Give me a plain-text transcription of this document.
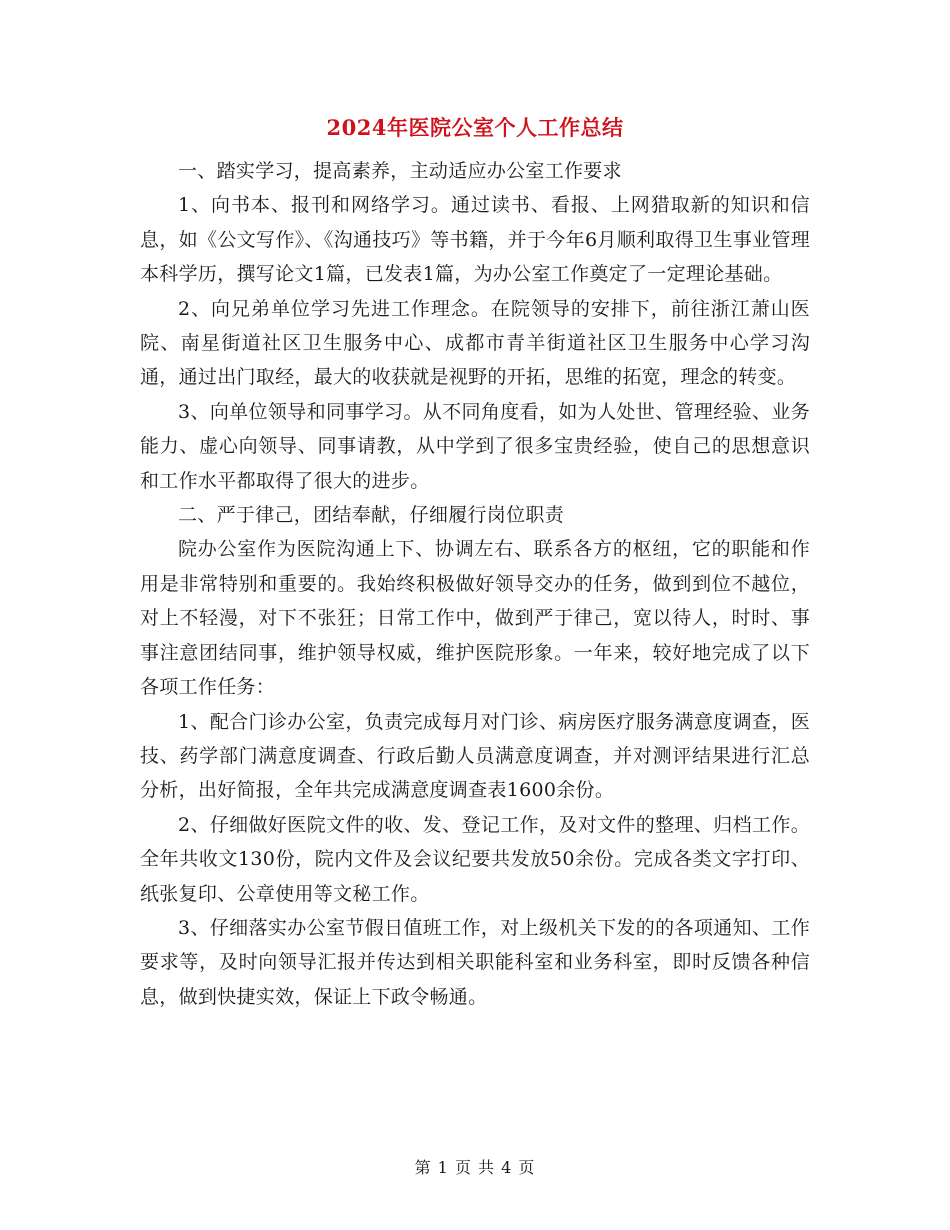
2024年医院公室个人工作总结

一、踏实学习，提高素养，主动适应办公室工作要求

1、向书本、报刊和网络学习。通过读书、看报、上网猎取新的知识和信息，如《公文写作》、《沟通技巧》等书籍，并于今年6月顺利取得卫生事业管理本科学历，撰写论文1篇，已发表1篇，为办公室工作奠定了一定理论基础。

2、向兄弟单位学习先进工作理念。在院领导的安排下，前往浙江萧山医院、南星街道社区卫生服务中心、成都市青羊街道社区卫生服务中心学习沟通，通过出门取经，最大的收获就是视野的开拓，思维的拓宽，理念的转变。

3、向单位领导和同事学习。从不同角度看，如为人处世、管理经验、业务能力、虚心向领导、同事请教，从中学到了很多宝贵经验，使自己的思想意识和工作水平都取得了很大的进步。

二、严于律己，团结奉献，仔细履行岗位职责

院办公室作为医院沟通上下、协调左右、联系各方的枢纽，它的职能和作用是非常特别和重要的。我始终积极做好领导交办的任务，做到到位不越位，对上不轻漫，对下不张狂；日常工作中，做到严于律己，宽以待人，时时、事事注意团结同事，维护领导权威，维护医院形象。一年来，较好地完成了以下各项工作任务：

1、配合门诊办公室，负责完成每月对门诊、病房医疗服务满意度调查，医技、药学部门满意度调查、行政后勤人员满意度调查，并对测评结果进行汇总分析，出好简报，全年共完成满意度调查表1600余份。

2、仔细做好医院文件的收、发、登记工作，及对文件的整理、归档工作。全年共收文130份，院内文件及会议纪要共发放50余份。完成各类文字打印、纸张复印、公章使用等文秘工作。

3、仔细落实办公室节假日值班工作，对上级机关下发的的各项通知、工作要求等，及时向领导汇报并传达到相关职能科室和业务科室，即时反馈各种信息，做到快捷实效，保证上下政令畅通。

第 1 页 共 4 页
